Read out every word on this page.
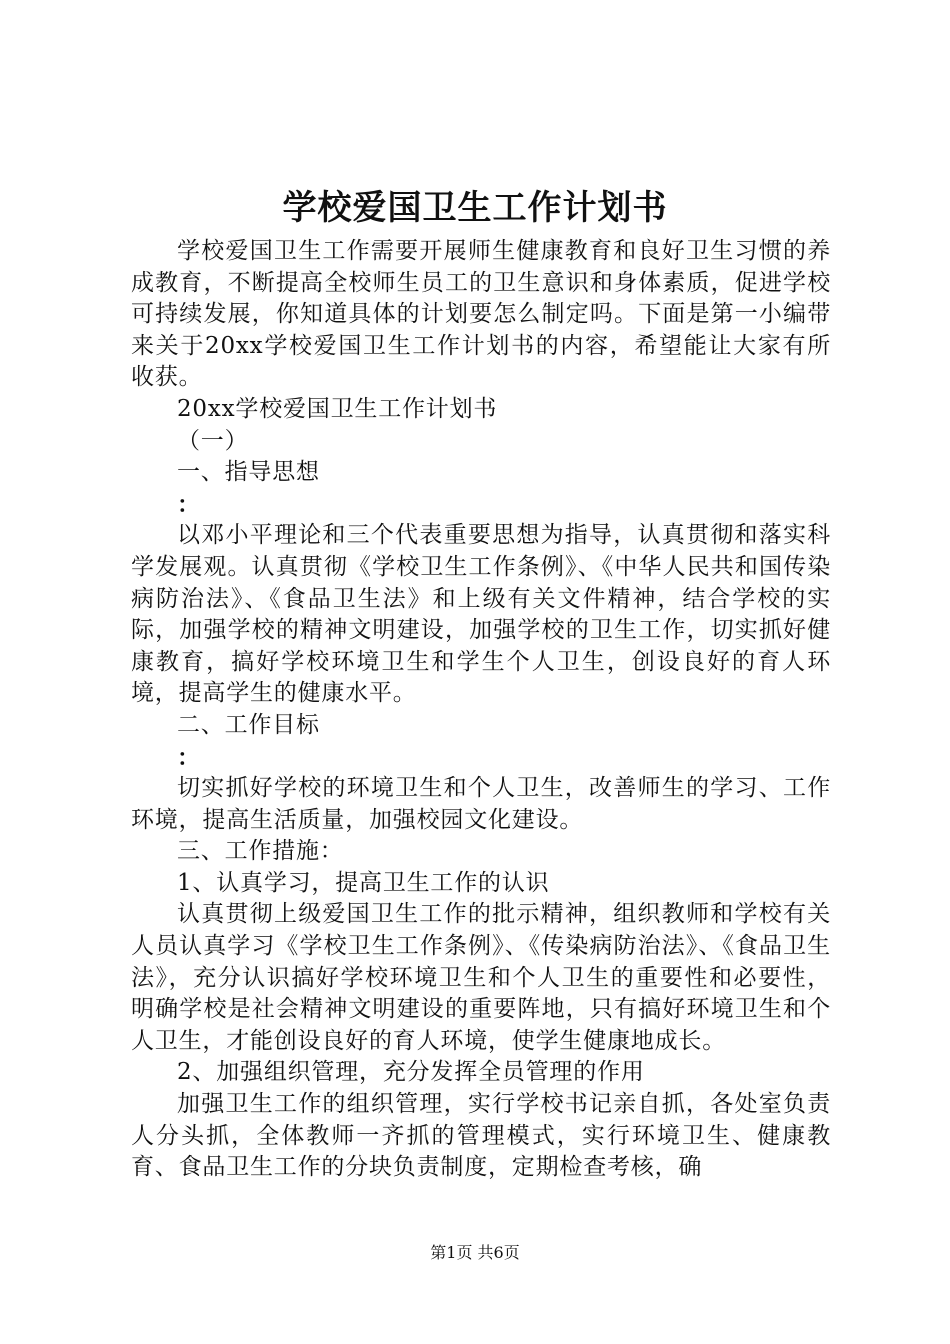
学校爱国卫生工作计划书

学校爱国卫生工作需要开展师生健康教育和良好卫生习惯的养成教育，不断提高全校师生员工的卫生意识和身体素质，促进学校可持续发展，你知道具体的计划要怎么制定吗。下面是第一小编带来关于20xx学校爱国卫生工作计划书的内容，希望能让大家有所收获。

20xx学校爱国卫生工作计划书

（一）

一、指导思想

：

以邓小平理论和三个代表重要思想为指导，认真贯彻和落实科学发展观。认真贯彻《学校卫生工作条例》、《中华人民共和国传染病防治法》、《食品卫生法》和上级有关文件精神，结合学校的实际，加强学校的精神文明建设，加强学校的卫生工作，切实抓好健康教育，搞好学校环境卫生和学生个人卫生，创设良好的育人环境，提高学生的健康水平。

二、工作目标

：

切实抓好学校的环境卫生和个人卫生，改善师生的学习、工作环境，提高生活质量，加强校园文化建设。

三、工作措施：

1、认真学习，提高卫生工作的认识

认真贯彻上级爱国卫生工作的批示精神，组织教师和学校有关人员认真学习《学校卫生工作条例》、《传染病防治法》、《食品卫生法》，充分认识搞好学校环境卫生和个人卫生的重要性和必要性，明确学校是社会精神文明建设的重要阵地，只有搞好环境卫生和个人卫生，才能创设良好的育人环境，使学生健康地成长。

2、加强组织管理，充分发挥全员管理的作用

加强卫生工作的组织管理，实行学校书记亲自抓，各处室负责人分头抓，全体教师一齐抓的管理模式，实行环境卫生、健康教育、食品卫生工作的分块负责制度，定期检查考核，确

第1页 共6页
